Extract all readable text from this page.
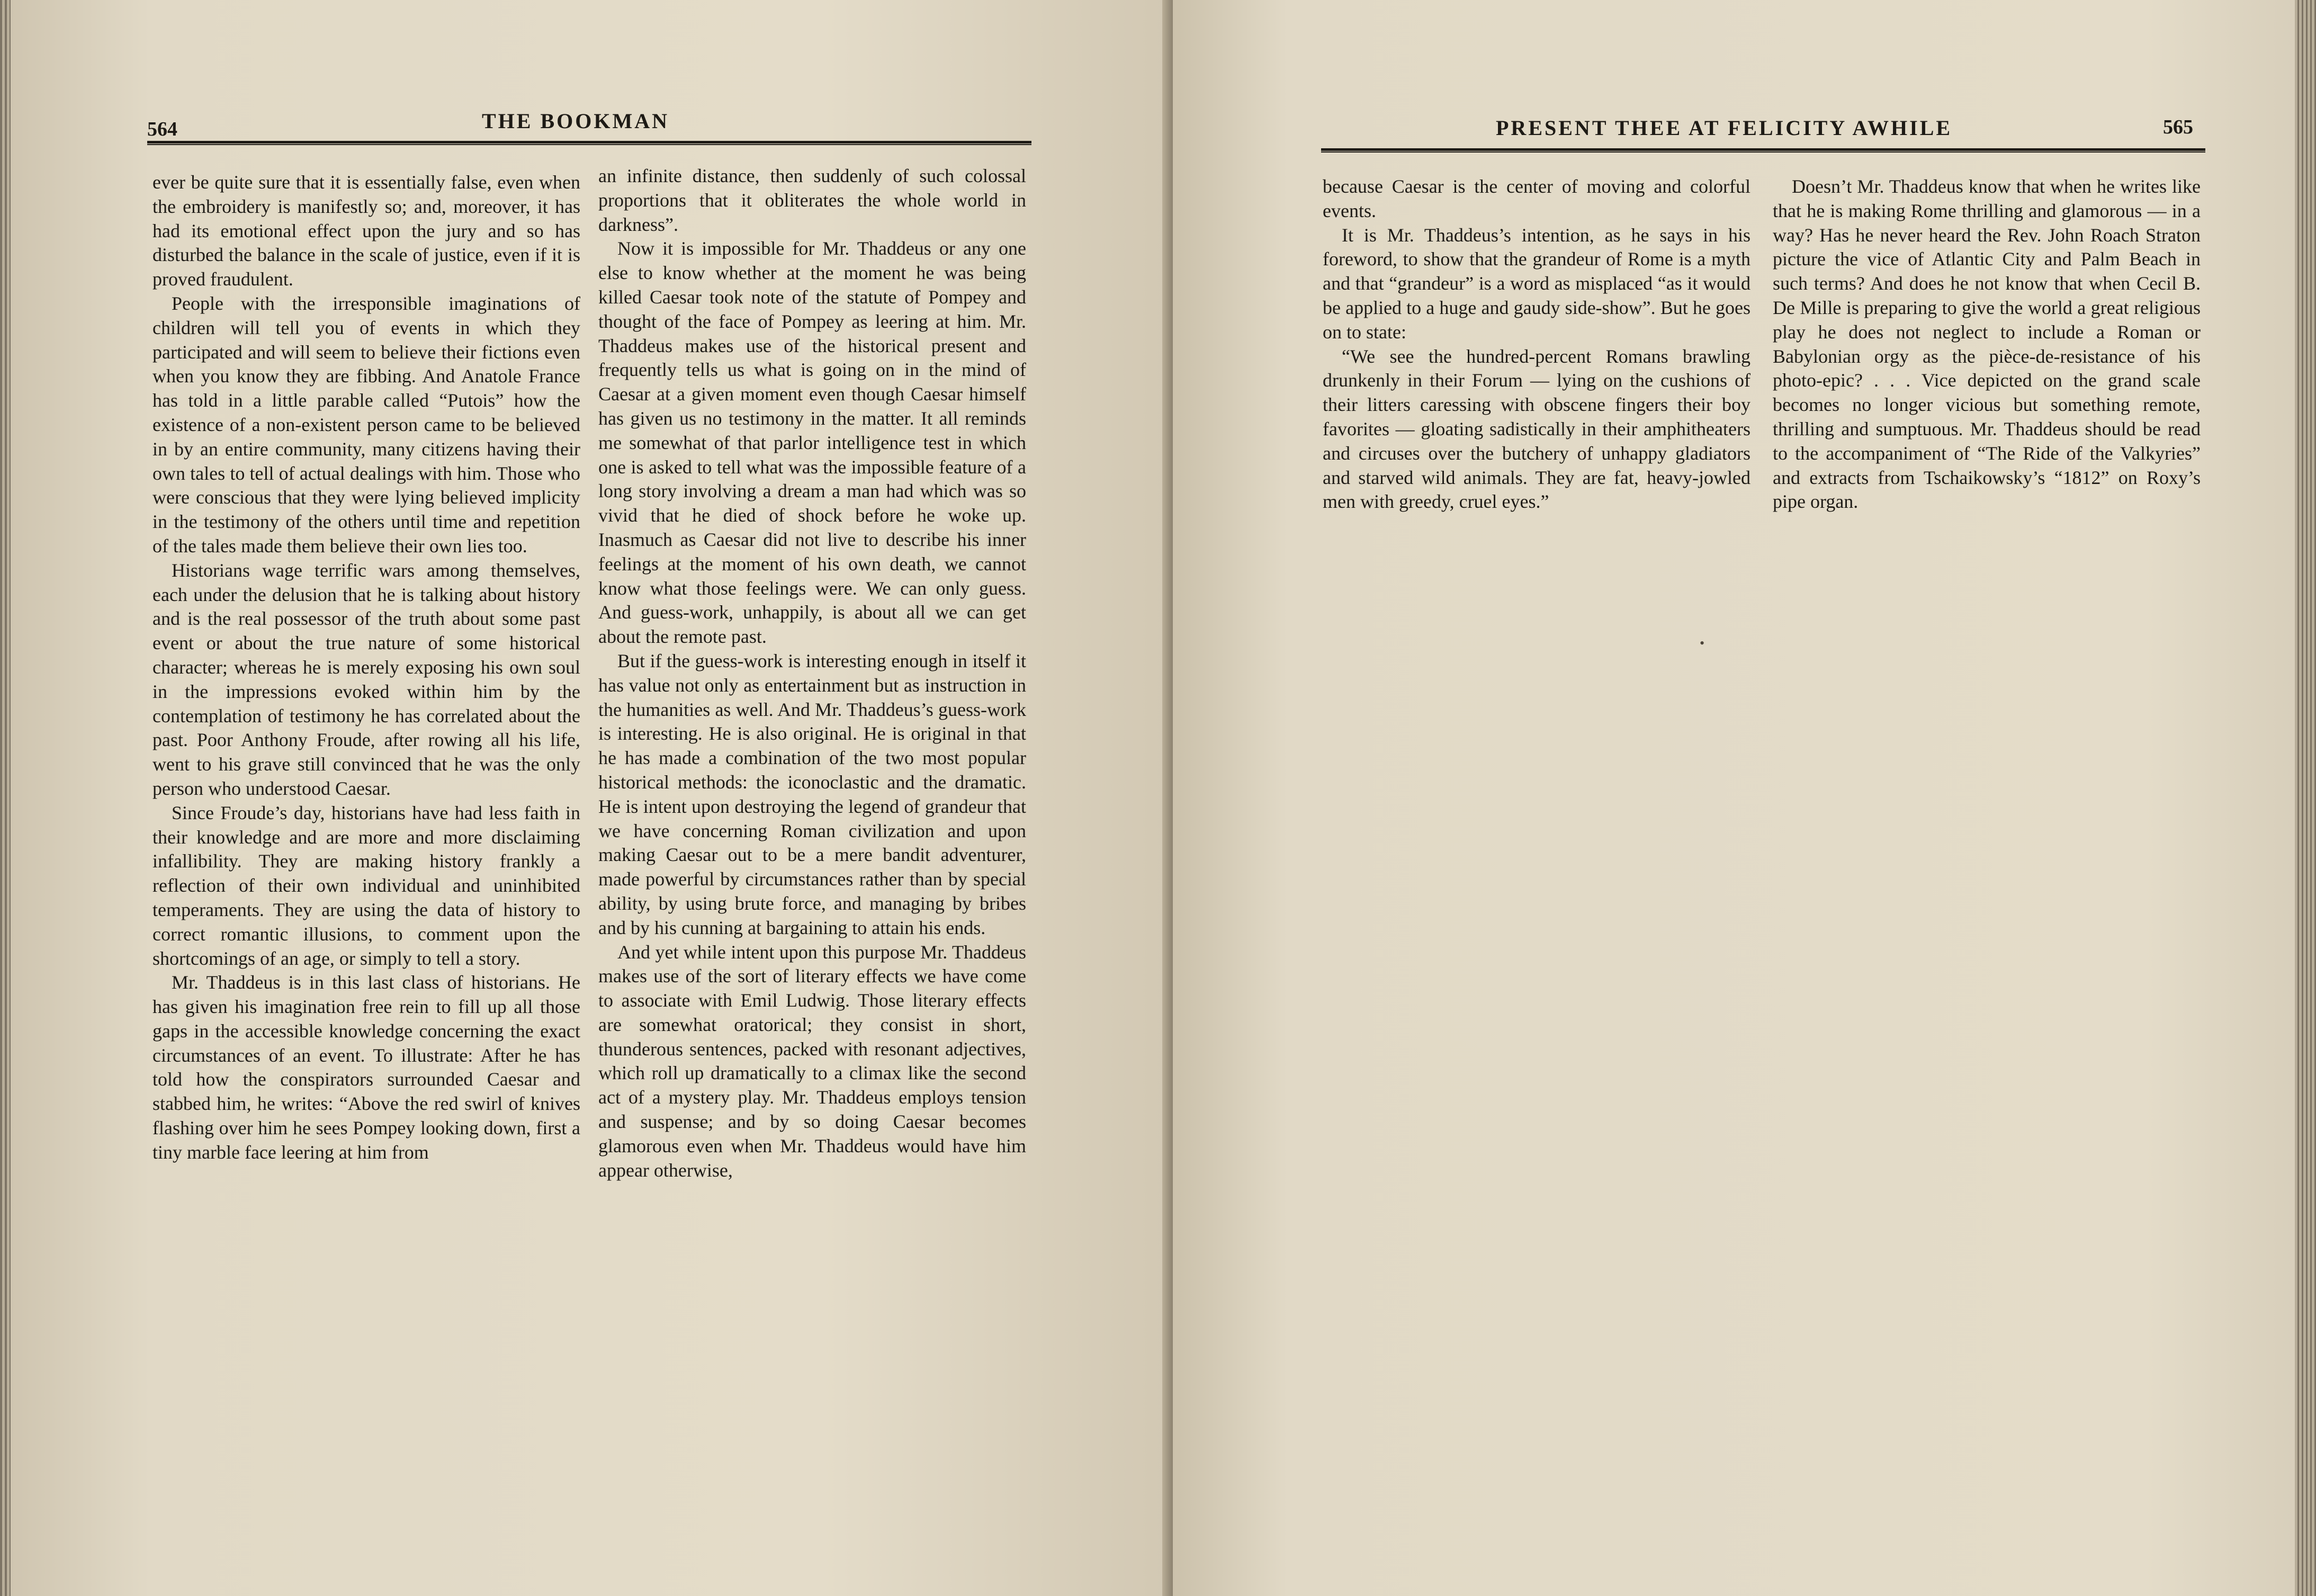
564	THE BOOKMAN

ever be quite sure that it is essentially false, even when the embroidery is manifestly so; and, moreover, it has had its emotional effect upon the jury and so has disturbed the balance in the scale of justice, even if it is proved fraudulent.

People with the irresponsible imaginations of children will tell you of events in which they participated and will seem to believe their fictions even when you know they are fibbing. And Anatole France has told in a little parable called “Putois” how the existence of a non-existent person came to be believed in by an entire community, many citizens having their own tales to tell of actual dealings with him. Those who were conscious that they were lying believed implicity in the testimony of the others until time and repetition of the tales made them believe their own lies too.

Historians wage terrific wars among themselves, each under the delusion that he is talking about history and is the real possessor of the truth about some past event or about the true nature of some historical character; whereas he is merely exposing his own soul in the impressions evoked within him by the contemplation of testimony he has correlated about the past. Poor Anthony Froude, after rowing all his life, went to his grave still convinced that he was the only person who understood Caesar.

Since Froude’s day, historians have had less faith in their knowledge and are more and more disclaiming infallibility. They are making history frankly a reflection of their own individual and uninhibited temperaments. They are using the data of history to correct romantic illusions, to comment upon the shortcomings of an age, or simply to tell a story.

Mr. Thaddeus is in this last class of historians. He has given his imagination free rein to fill up all those gaps in the accessible knowledge concerning the exact circumstances of an event. To illustrate: After he has told how the conspirators surrounded Caesar and stabbed him, he writes: “Above the red swirl of knives flashing over him he sees Pompey looking down, first a tiny marble face leering at him from

an infinite distance, then suddenly of such colossal proportions that it obliterates the whole world in darkness”.

Now it is impossible for Mr. Thaddeus or any one else to know whether at the moment he was being killed Caesar took note of the statute of Pompey and thought of the face of Pompey as leering at him. Mr. Thaddeus makes use of the historical present and frequently tells us what is going on in the mind of Caesar at a given moment even though Caesar himself has given us no testimony in the matter. It all reminds me somewhat of that parlor intelligence test in which one is asked to tell what was the impossible feature of a long story involving a dream a man had which was so vivid that he died of shock before he woke up. Inasmuch as Caesar did not live to describe his inner feelings at the moment of his own death, we cannot know what those feelings were. We can only guess. And guess-work, unhappily, is about all we can get about the remote past.

But if the guess-work is interesting enough in itself it has value not only as entertainment but as instruction in the humanities as well. And Mr. Thaddeus’s guess-work is interesting. He is also original. He is original in that he has made a combination of the two most popular historical methods: the iconoclastic and the dramatic. He is intent upon destroying the legend of grandeur that we have concerning Roman civilization and upon making Caesar out to be a mere bandit adventurer, made powerful by circumstances rather than by special ability, by using brute force, and managing by bribes and by his cunning at bargaining to attain his ends.

And yet while intent upon this purpose Mr. Thaddeus makes use of the sort of literary effects we have come to associate with Emil Ludwig. Those literary effects are somewhat oratorical; they consist in short, thunderous sentences, packed with resonant adjectives, which roll up dramatically to a climax like the second act of a mystery play. Mr. Thaddeus employs tension and suspense; and by so doing Caesar becomes glamorous even when Mr. Thaddeus would have him appear otherwise,

PRESENT THEE AT FELICITY AWHILE	565

because Caesar is the center of moving and colorful events.

It is Mr. Thaddeus’s intention, as he says in his foreword, to show that the grandeur of Rome is a myth and that “grandeur” is a word as misplaced “as it would be applied to a huge and gaudy side-show”. But he goes on to state:

“We see the hundred-percent Romans brawling drunkenly in their Forum — lying on the cushions of their litters caressing with obscene fingers their boy favorites — gloating sadistically in their amphitheaters and circuses over the butchery of unhappy gladiators and starved wild animals. They are fat, heavy-jowled men with greedy, cruel eyes.”

Doesn’t Mr. Thaddeus know that when he writes like that he is making Rome thrilling and glamorous — in a way? Has he never heard the Rev. John Roach Straton picture the vice of Atlantic City and Palm Beach in such terms? And does he not know that when Cecil B. De Mille is preparing to give the world a great religious play he does not neglect to include a Roman or Babylonian orgy as the pièce-de-resistance of his photo-epic? . . . Vice depicted on the grand scale becomes no longer vicious but something remote, thrilling and sumptuous. Mr. Thaddeus should be read to the accompaniment of “The Ride of the Valkyries” and extracts from Tschaikowsky’s “1812” on Roxy’s pipe organ.

•
